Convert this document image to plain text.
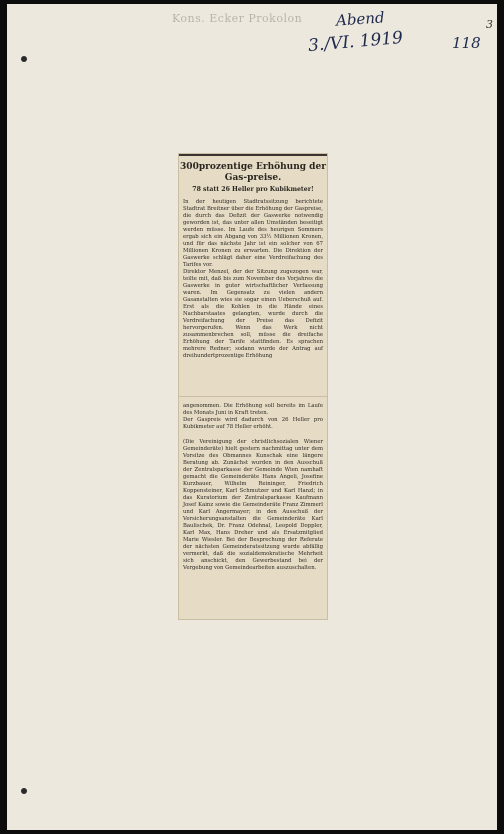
Kons. Ecker Prokolon Abend
3./VI. 1919	118
3
300prozentige Erhöhung der Gas-preise.
78 statt 26 Heller pro Kubikmeter!

In der heutigen Stadtratssitzung berichtete Stadtrat Breitner über die Erhöhung der Gaspreise, die durch das Defizit der Gaswerke notwendig geworden ist, das unter allen Umständen beseitigt werden müsse. Im Laufe des heurigen Sommers ergab sich ein Abgang von 33½ Millionen Kronen, und für das nächste Jahr ist ein solcher von 67 Millionen Kronen zu erwarten. Die Direktion der Gaswerke schlägt daher eine Verdreifachung des Tarifes vor.

Direktor Menzel, der der Sitzung zugezogen war, teilte mit, daß bis zum November des Vorjahres die Gaswerke in guter wirtschaftlicher Verfassung waren. Im Gegensatz zu vielen andern Gasanstalten wies sie sogar einen Ueberschuß auf. Erst als die Kohlen in die Hände eines Nachbarstaates gelangten, wurde durch die Verdreifachung der Preise das Defizit hervorgerufen. Wenn das Werk nicht zusammenbrechen soll, müsse die dreifache Erhöhung der Tarife stattfinden. Es sprachen mehrere Redner; sodann wurde der Antrag auf dreihundertprozentige Erhöhung

angenommen. Die Erhöhung soll bereits im Laufe des Monats Juni in Kraft treten.

Der Gaspreis wird dadurch von 26 Heller pro Kubikmeter auf 78 Heller erhöht.

(Die Vereinigung der christlichsozialen Wiener Gemeinderäte) hielt gestern nachmittag unter dem Vorsitze des Obmannes Kunschak eine längere Beratung ab. Zunächst wurden in den Ausschuß der Zentralsparkasse der Gemeinde Wien namhaft gemacht die Gemeinderäte Hans Angeli, Josefine Kurzbauer, Wilhelm Reininger, Friedrich Koppensteiner, Karl Schmutzer und Karl Hanzl; in das Kuratorium der Zentralsparkasse Kaufmann Josef Kainz sowie die Gemeinderäte Franz Zimmerl und Karl Angermayer; in den Ausschuß der Versicherungsanstalten die Gemeinderäte Karl Baulischek, Dr. Franz Odehnal, Leopold Doppler, Karl Max, Hans Dreher und als Ersatzmitglied Marie Wiesler. Bei der Besprechung der Referate der nächsten Gemeinderatssitzung wurde abfällig vermerkt, daß die sozialdemokratische Mehrheit sich anschickt, den Gewerbestand bei der Vergebung von Gemeindearbeiten auszuschalten.
